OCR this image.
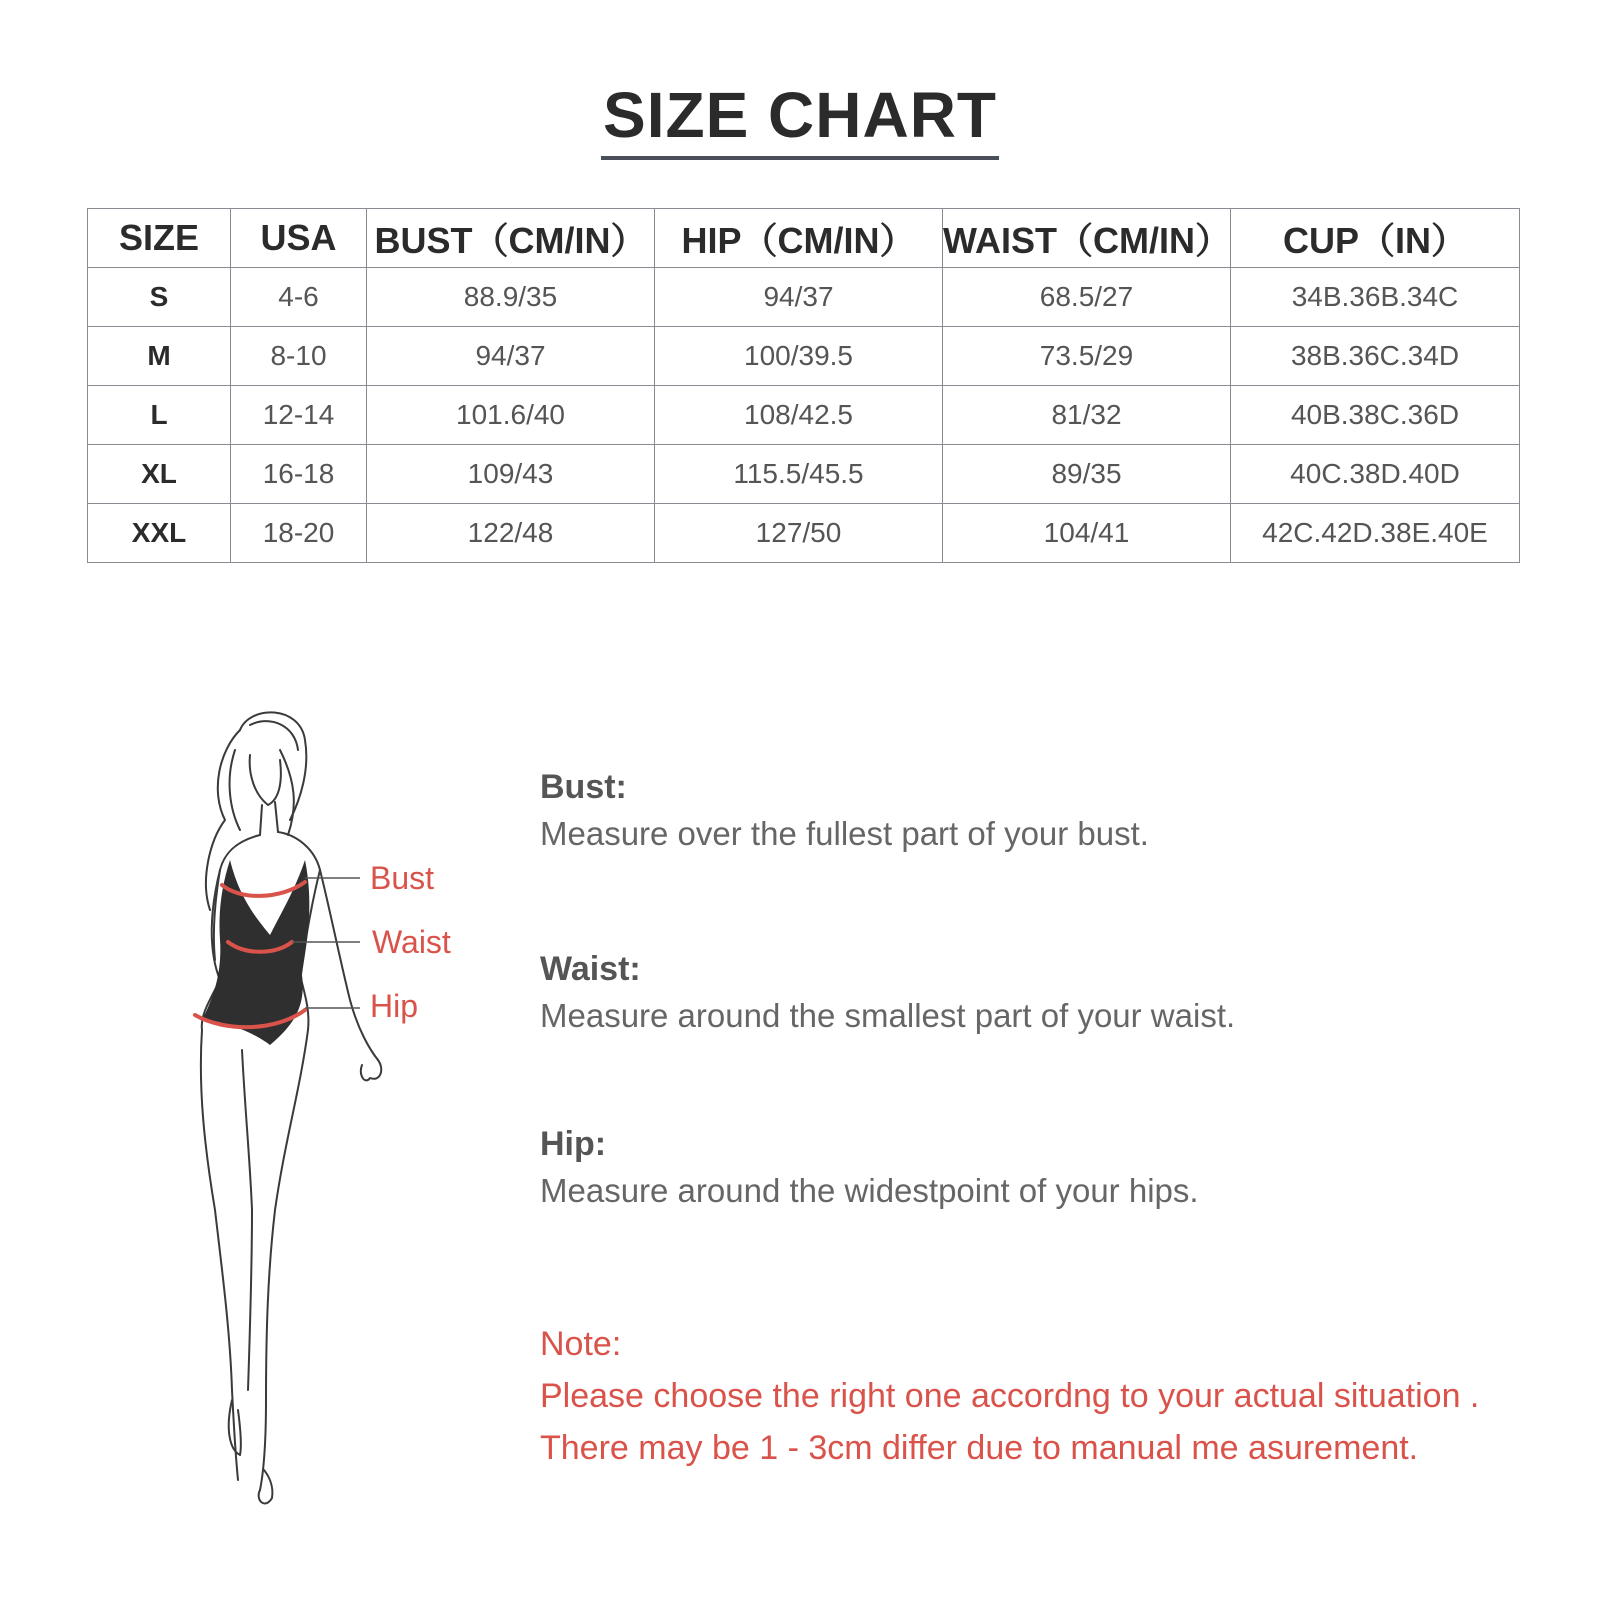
SIZE CHART
SIZE	USA	BUST（CM/IN）	HIP（CM/IN）	WAIST（CM/IN）	CUP（IN）
S	4-6	88.9/35	94/37	68.5/27	34B.36B.34C
M	8-10	94/37	100/39.5	73.5/29	38B.36C.34D
L	12-14	101.6/40	108/42.5	81/32	40B.38C.36D
XL	16-18	109/43	115.5/45.5	89/35	40C.38D.40D
XXL	18-20	122/48	127/50	104/41	42C.42D.38E.40E
Bust
Waist
Hip
Bust:
Measure over the fullest part of your bust.
Waist:
Measure around the smallest part of your waist.
Hip:
Measure around the widestpoint of your hips.
Note:
Please choose the right one accordng to your actual situation .
There may be 1 - 3cm differ due to manual me asurement.
